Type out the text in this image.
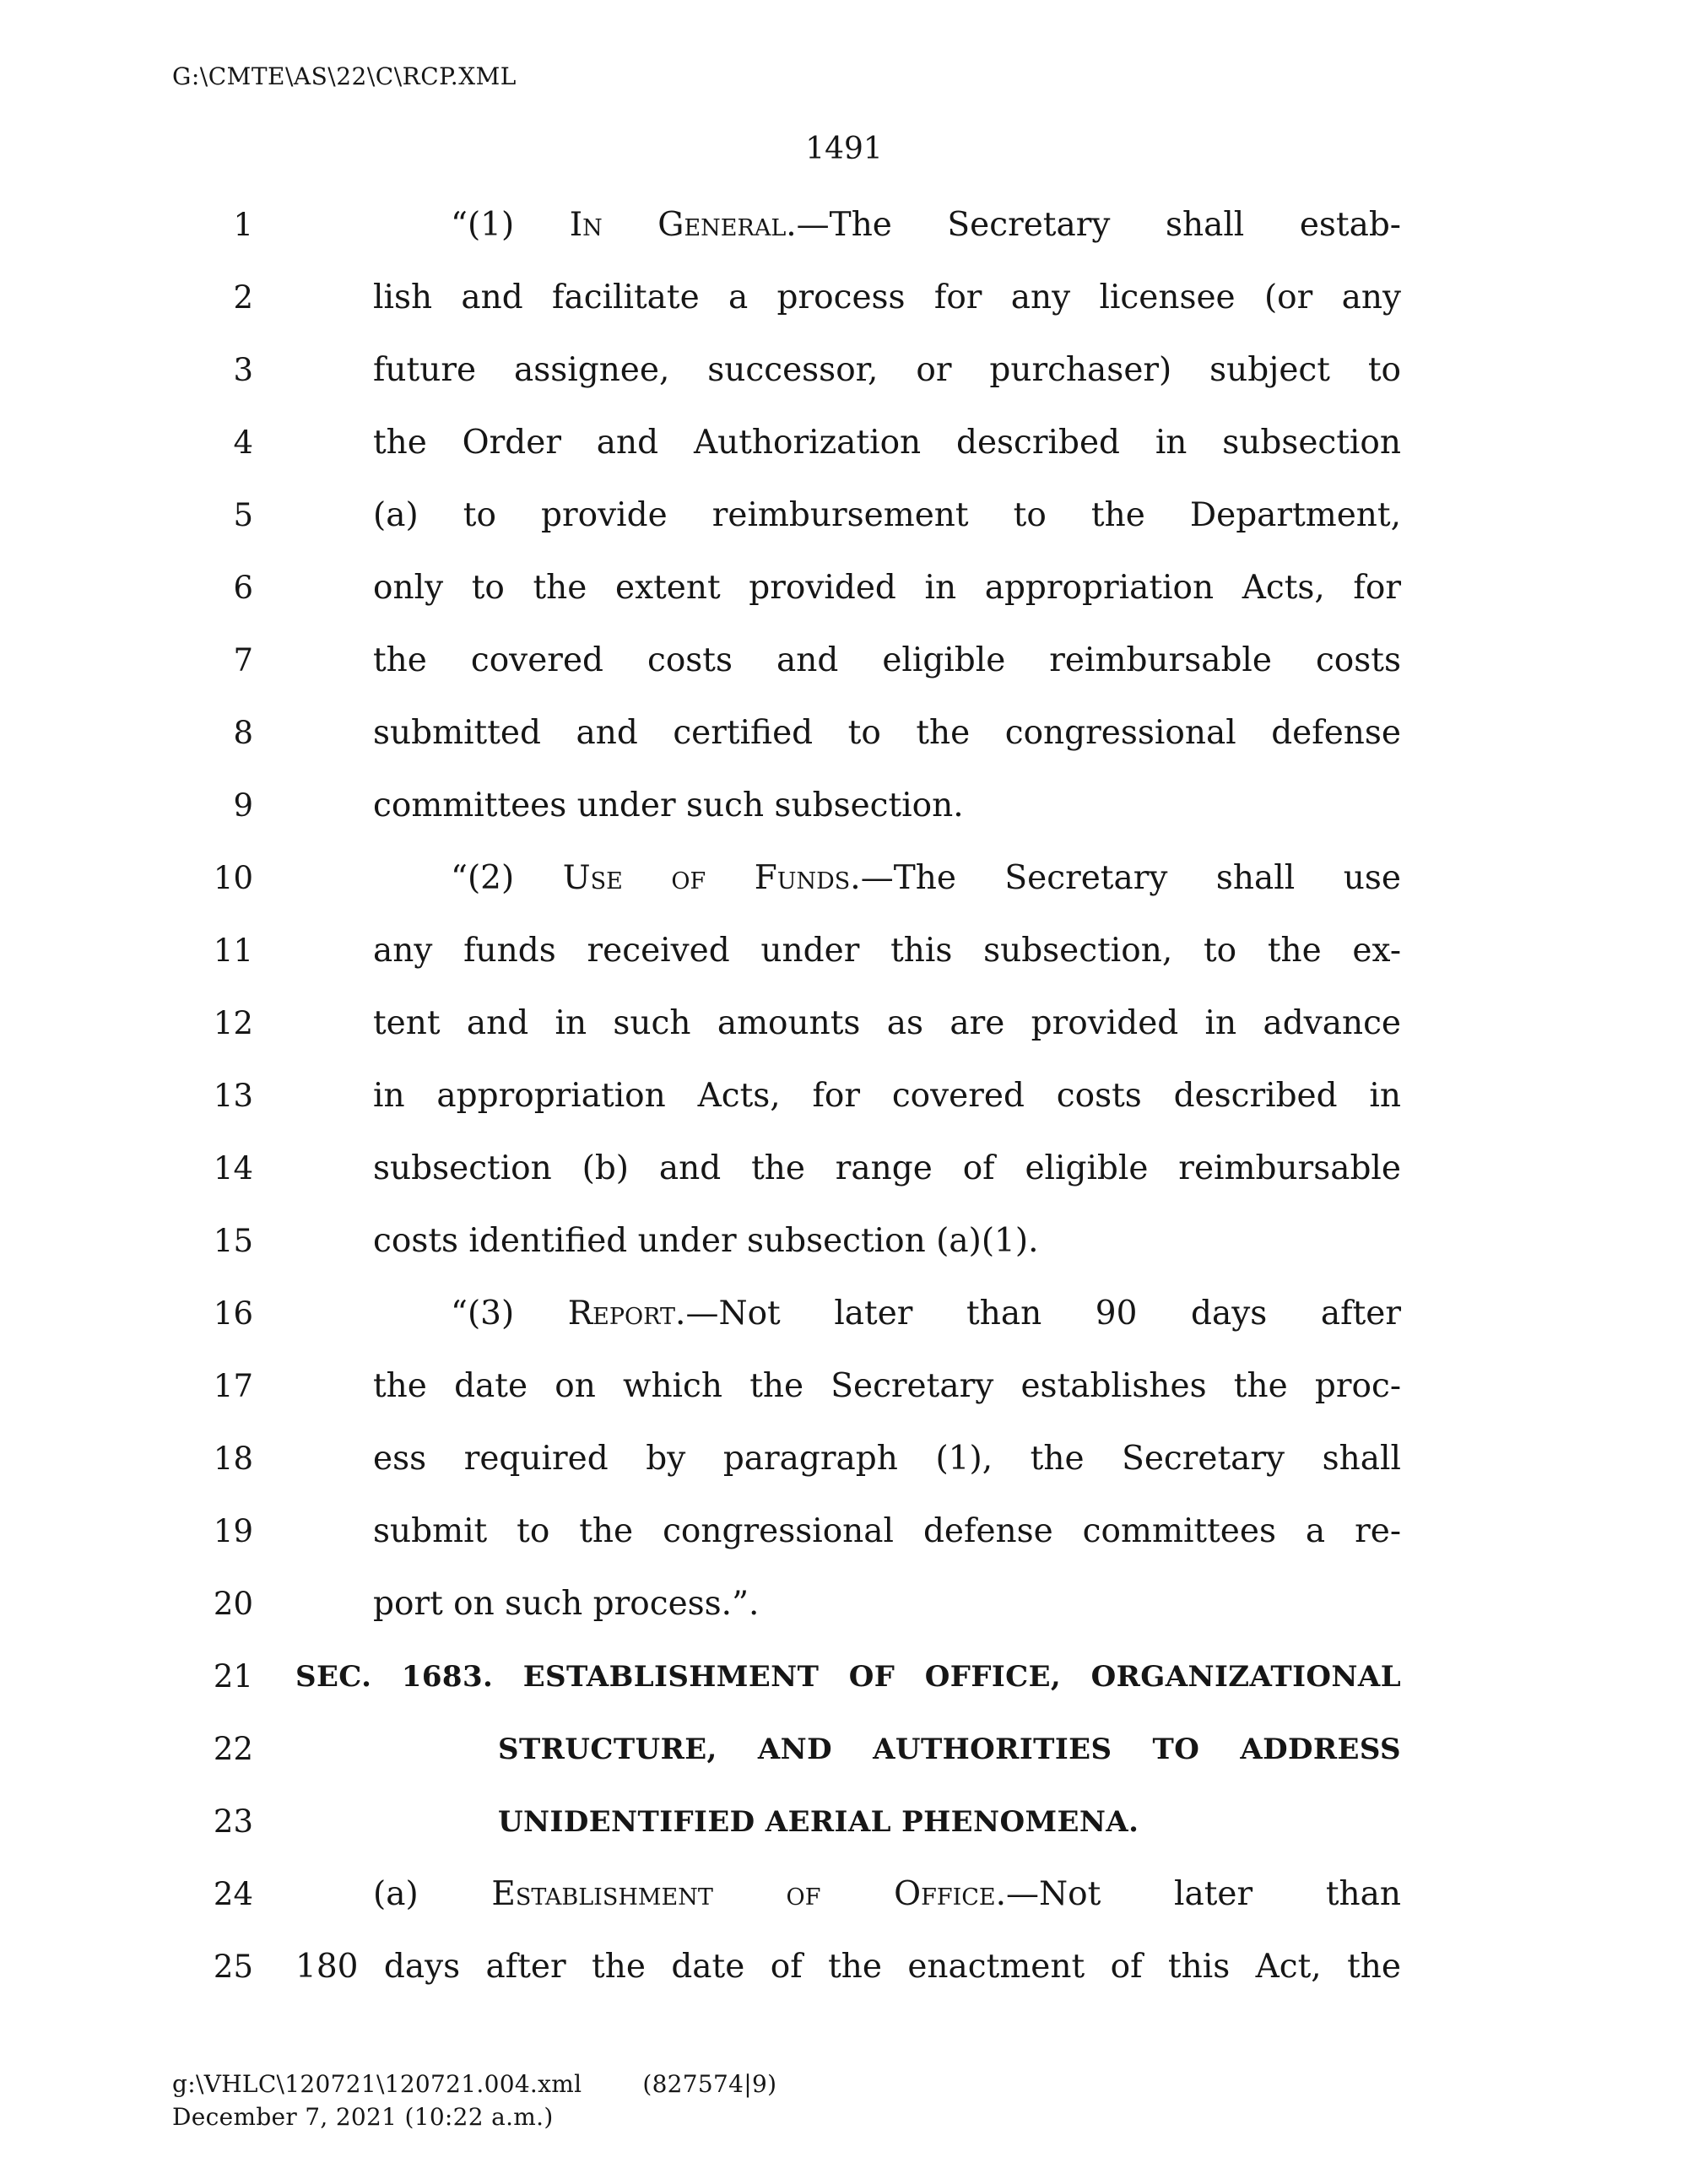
G:\CMTE\AS\22\C\RCP.XML
1491
1	“(1) In General.—The Secretary shall estab-
2	lish and facilitate a process for any licensee (or any
3	future assignee, successor, or purchaser) subject to
4	the Order and Authorization described in subsection
5	(a) to provide reimbursement to the Department,
6	only to the extent provided in appropriation Acts, for
7	the covered costs and eligible reimbursable costs
8	submitted and certified to the congressional defense
9	committees under such subsection.
10	“(2) Use of Funds.—The Secretary shall use
11	any funds received under this subsection, to the ex-
12	tent and in such amounts as are provided in advance
13	in appropriation Acts, for covered costs described in
14	subsection (b) and the range of eligible reimbursable
15	costs identified under subsection (a)(1).
16	“(3) Report.—Not later than 90 days after
17	the date on which the Secretary establishes the proc-
18	ess required by paragraph (1), the Secretary shall
19	submit to the congressional defense committees a re-
20	port on such process.”.
21 SEC. 1683. ESTABLISHMENT OF OFFICE, ORGANIZATIONAL
22	STRUCTURE, AND AUTHORITIES TO ADDRESS
23	UNIDENTIFIED AERIAL PHENOMENA.
24	(a) Establishment of Office.—Not later than
25 180 days after the date of the enactment of this Act, the
g:\VHLC\120721\120721.004.xml	(827574|9)
December 7, 2021 (10:22 a.m.)
